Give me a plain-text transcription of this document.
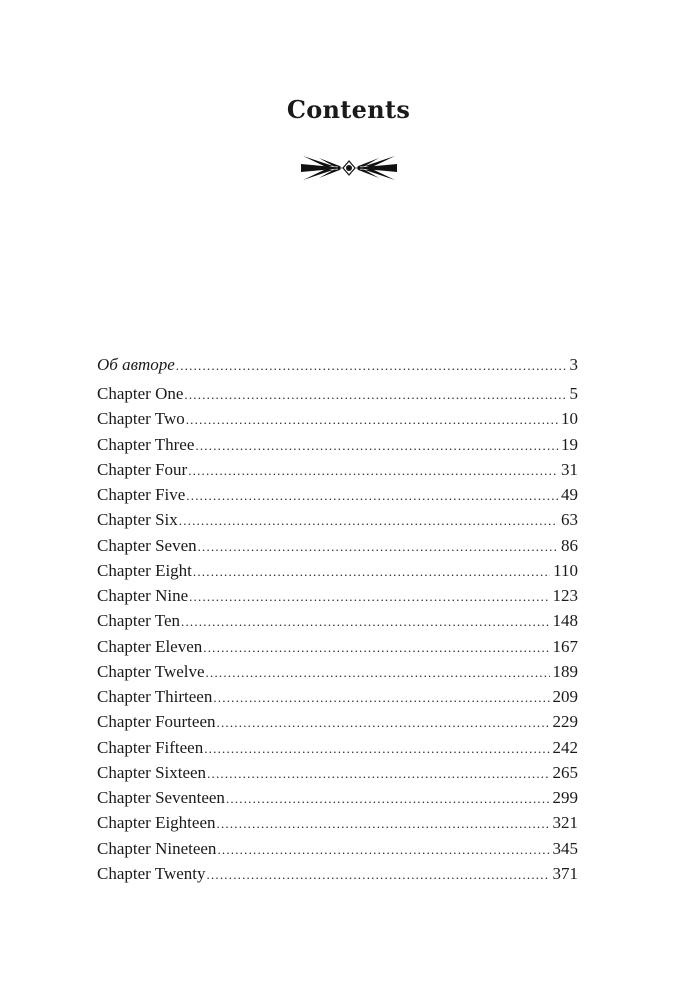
Contents
Об авторе .....	3
Chapter One .....	5
Chapter Two .....	10
Chapter Three .....	19
Chapter Four .....	31
Chapter Five .....	49
Chapter Six .....	63
Chapter Seven .....	86
Chapter Eight .....	110
Chapter Nine .....	123
Chapter Ten .....	148
Chapter Eleven .....	167
Chapter Twelve .....	189
Chapter Thirteen .....	209
Chapter Fourteen .....	229
Chapter Fifteen .....	242
Chapter Sixteen .....	265
Chapter Seventeen .....	299
Chapter Eighteen .....	321
Chapter Nineteen .....	345
Chapter Twenty .....	371
